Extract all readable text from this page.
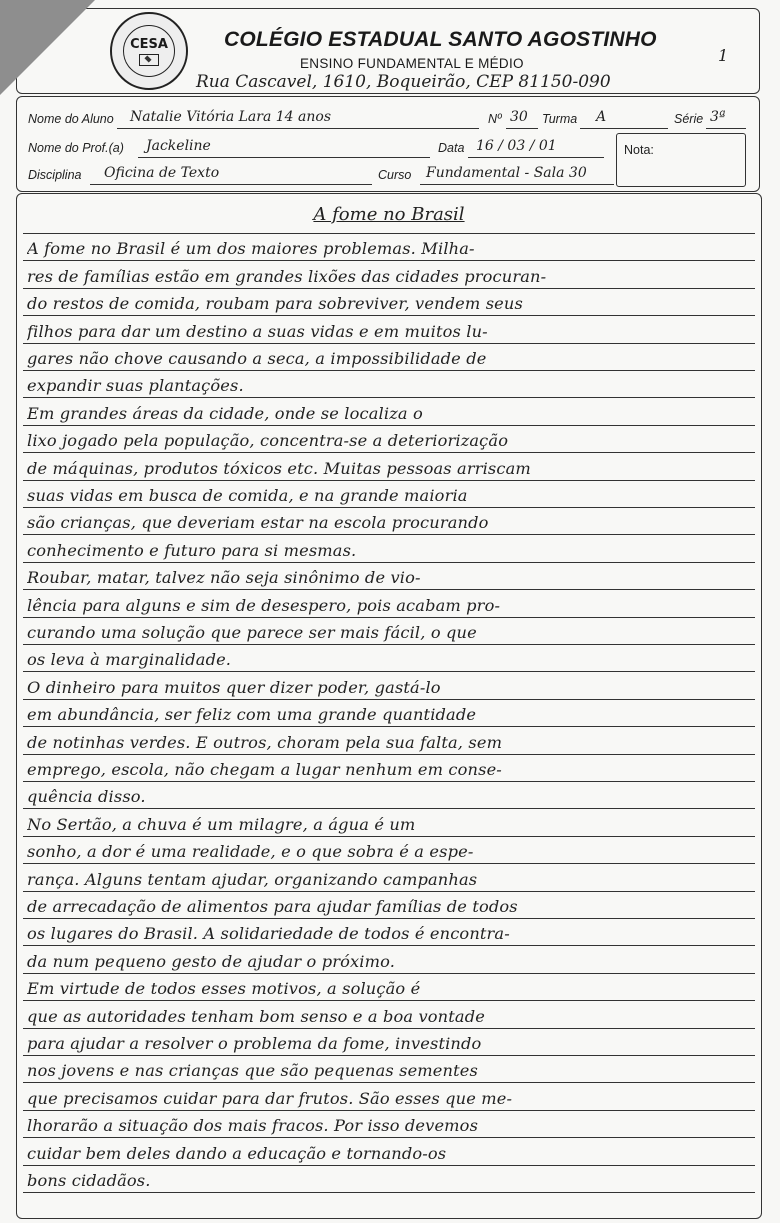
CESA	COLÉGIO ESTADUAL SANTO AGOSTINHO
ENSINO FUNDAMENTAL E MÉDIO
Rua Cascavel, 1610, Boqueirão, CEP 81150-090
1
Nome do Aluno Natalie Vitória Lara 14 anos	Nº 30 Turma A	Série 3ª
Nome do Prof.(a) Jackeline	Data 16 / 03 / 01	Nota:
Disciplina Oficina de Texto	Curso Fundamental - Sala 30
A fome no Brasil
A fome no Brasil é um dos maiores problemas. Milha-
res de famílias estão em grandes lixões das cidades procuran-
do restos de comida, roubam para sobreviver, vendem seus
filhos para dar um destino a suas vidas e em muitos lu-
gares não chove causando a seca, a impossibilidade de
expandir suas plantações.
Em grandes áreas da cidade, onde se localiza o
lixo jogado pela população, concentra-se a deteriorização
de máquinas, produtos tóxicos etc. Muitas pessoas arriscam
suas vidas em busca de comida, e na grande maioria
são crianças, que deveriam estar na escola procurando
conhecimento e futuro para si mesmas.
Roubar, matar, talvez não seja sinônimo de vio-
lência para alguns e sim de desespero, pois acabam pro-
curando uma solução que parece ser mais fácil, o que
os leva à marginalidade.
O dinheiro para muitos quer dizer poder, gastá-lo
em abundância, ser feliz com uma grande quantidade
de notinhas verdes. E outros, choram pela sua falta, sem
emprego, escola, não chegam a lugar nenhum em conse-
quência disso.
No Sertão, a chuva é um milagre, a água é um
sonho, a dor é uma realidade, e o que sobra é a espe-
rança. Alguns tentam ajudar, organizando campanhas
de arrecadação de alimentos para ajudar famílias de todos
os lugares do Brasil. A solidariedade de todos é encontra-
da num pequeno gesto de ajudar o próximo.
Em virtude de todos esses motivos, a solução é
que as autoridades tenham bom senso e a boa vontade
para ajudar a resolver o problema da fome, investindo
nos jovens e nas crianças que são pequenas sementes
que precisamos cuidar para dar frutos. São esses que me-
lhorarão a situação dos mais fracos. Por isso devemos
cuidar bem deles dando a educação e tornando-os
bons cidadãos.
